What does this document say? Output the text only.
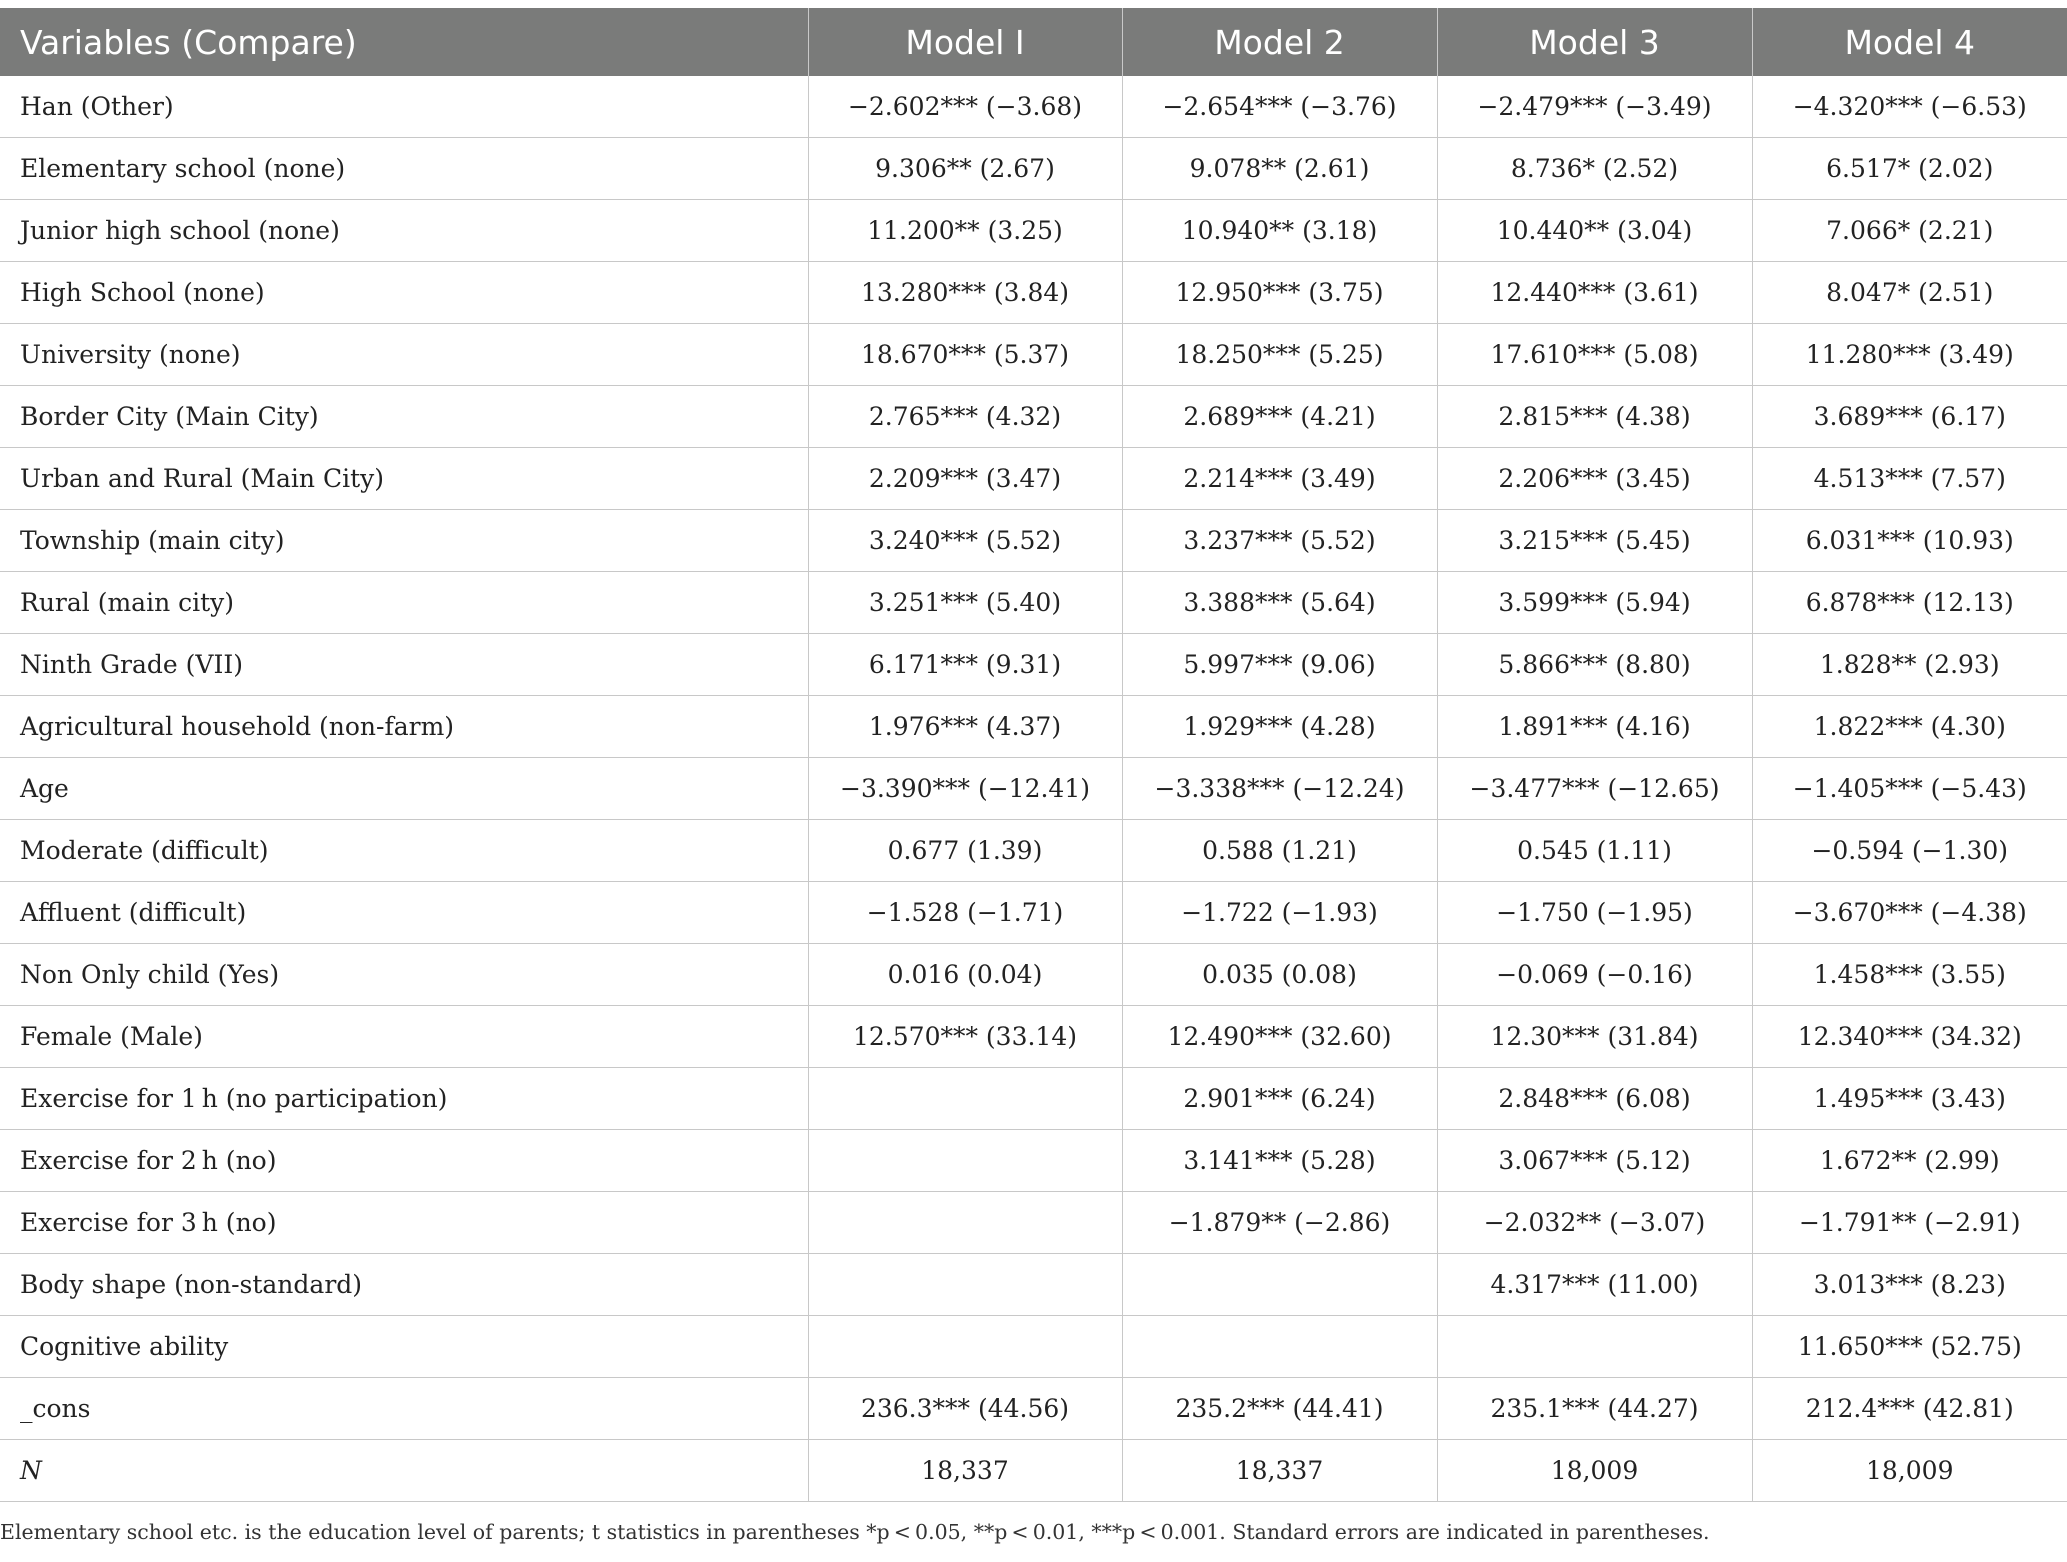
Variables (Compare)	Model I	Model 2	Model 3	Model 4
Han (Other)	−2.602*** (−3.68)	−2.654*** (−3.76)	−2.479*** (−3.49)	−4.320*** (−6.53)
Elementary school (none)	9.306** (2.67)	9.078** (2.61)	8.736* (2.52)	6.517* (2.02)
Junior high school (none)	11.200** (3.25)	10.940** (3.18)	10.440** (3.04)	7.066* (2.21)
High School (none)	13.280*** (3.84)	12.950*** (3.75)	12.440*** (3.61)	8.047* (2.51)
University (none)	18.670*** (5.37)	18.250*** (5.25)	17.610*** (5.08)	11.280*** (3.49)
Border City (Main City)	2.765*** (4.32)	2.689*** (4.21)	2.815*** (4.38)	3.689*** (6.17)
Urban and Rural (Main City)	2.209*** (3.47)	2.214*** (3.49)	2.206*** (3.45)	4.513*** (7.57)
Township (main city)	3.240*** (5.52)	3.237*** (5.52)	3.215*** (5.45)	6.031*** (10.93)
Rural (main city)	3.251*** (5.40)	3.388*** (5.64)	3.599*** (5.94)	6.878*** (12.13)
Ninth Grade (VII)	6.171*** (9.31)	5.997*** (9.06)	5.866*** (8.80)	1.828** (2.93)
Agricultural household (non-farm)	1.976*** (4.37)	1.929*** (4.28)	1.891*** (4.16)	1.822*** (4.30)
Age	−3.390*** (−12.41)	−3.338*** (−12.24)	−3.477*** (−12.65)	−1.405*** (−5.43)
Moderate (difficult)	0.677 (1.39)	0.588 (1.21)	0.545 (1.11)	−0.594 (−1.30)
Affluent (difficult)	−1.528 (−1.71)	−1.722 (−1.93)	−1.750 (−1.95)	−3.670*** (−4.38)
Non Only child (Yes)	0.016 (0.04)	0.035 (0.08)	−0.069 (−0.16)	1.458*** (3.55)
Female (Male)	12.570*** (33.14)	12.490*** (32.60)	12.30*** (31.84)	12.340*** (34.32)
Exercise for 1 h (no participation)		2.901*** (6.24)	2.848*** (6.08)	1.495*** (3.43)
Exercise for 2 h (no)		3.141*** (5.28)	3.067*** (5.12)	1.672** (2.99)
Exercise for 3 h (no)		−1.879** (−2.86)	−2.032** (−3.07)	−1.791** (−2.91)
Body shape (non-standard)			4.317*** (11.00)	3.013*** (8.23)
Cognitive ability				11.650*** (52.75)
_cons	236.3*** (44.56)	235.2*** (44.41)	235.1*** (44.27)	212.4*** (42.81)
N	18,337	18,337	18,009	18,009
Elementary school etc. is the education level of parents; t statistics in parentheses *p < 0.05, **p < 0.01, ***p < 0.001. Standard errors are indicated in parentheses.
